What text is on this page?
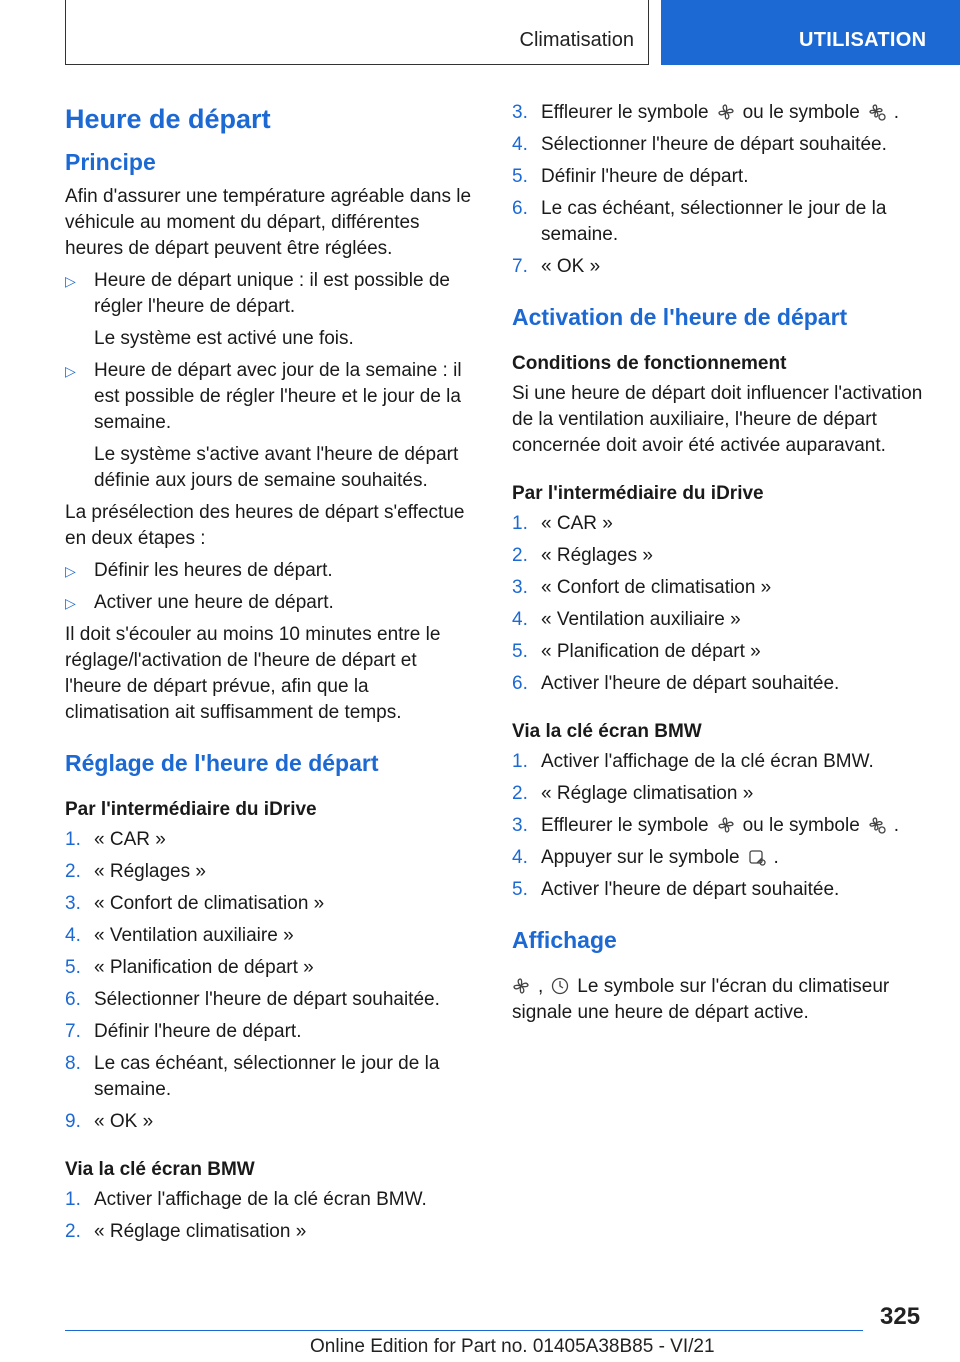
Climatisation	UTILISATION
Heure de départ
Principe

Afin d'assurer une température agréable dans le véhicule au moment du départ, différentes heures de départ peuvent être réglées.

▷ Heure de départ unique : il est possible de régler l'heure de départ.
Le système est activé une fois.
▷ Heure de départ avec jour de la semaine : il est possible de régler l'heure et le jour de la semaine.
Le système s'active avant l'heure de départ définie aux jours de semaine souhaités.

La présélection des heures de départ s'effectue en deux étapes :

▷ Définir les heures de départ.
▷ Activer une heure de départ.

Il doit s'écouler au moins 10 minutes entre le réglage/l'activation de l'heure de départ et l'heure de départ prévue, afin que la climatisation ait suffisamment de temps.

Réglage de l'heure de départ
Par l'intermédiaire du iDrive
1. « CAR »
2. « Réglages »
3. « Confort de climatisation »
4. « Ventilation auxiliaire »
5. « Planification de départ »
6. Sélectionner l'heure de départ souhaitée.
7. Définir l'heure de départ.
8. Le cas échéant, sélectionner le jour de la semaine.
9. « OK »
Via la clé écran BMW
1. Activer l'affichage de la clé écran BMW.
2. « Réglage climatisation »
3. Effleurer le symbole ou le symbole .
4. Sélectionner l'heure de départ souhaitée.
5. Définir l'heure de départ.
6. Le cas échéant, sélectionner le jour de la semaine.
7. « OK »
Activation de l'heure de départ
Conditions de fonctionnement

Si une heure de départ doit influencer l'activation de la ventilation auxiliaire, l'heure de départ concernée doit avoir été activée auparavant.

Par l'intermédiaire du iDrive
1. « CAR »
2. « Réglages »
3. « Confort de climatisation »
4. « Ventilation auxiliaire »
5. « Planification de départ »
6. Activer l'heure de départ souhaitée.
Via la clé écran BMW
1. Activer l'affichage de la clé écran BMW.
2. « Réglage climatisation »
3. Effleurer le symbole ou le symbole .
4. Appuyer sur le symbole .
5. Activer l'heure de départ souhaitée.
Affichage

, Le symbole sur l'écran du climatiseur signale une heure de départ active.

325
Online Edition for Part no. 01405A38B85 - VI/21
